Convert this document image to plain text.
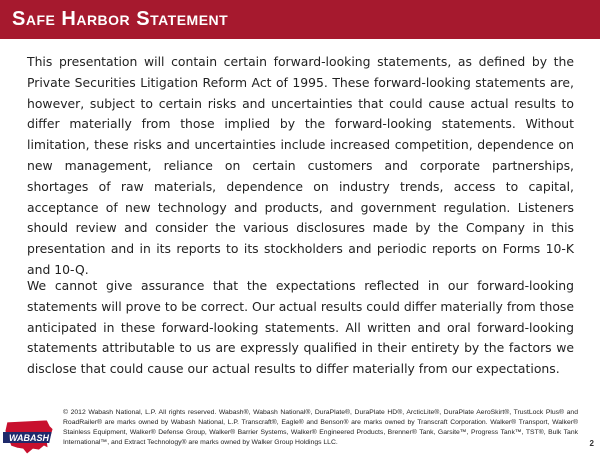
Safe Harbor Statement

This presentation will contain certain forward-looking statements, as defined by the Private Securities Litigation Reform Act of 1995. These forward-looking statements are, however, subject to certain risks and uncertainties that could cause actual results to differ materially from those implied by the forward-looking statements. Without limitation, these risks and uncertainties include increased competition, dependence on new management, reliance on certain customers and corporate partnerships, shortages of raw materials, dependence on industry trends, access to capital, acceptance of new technology and products, and government regulation. Listeners should review and consider the various disclosures made by the Company in this presentation and in its reports to its stockholders and periodic reports on Forms 10-K and 10-Q.

We cannot give assurance that the expectations reflected in our forward-looking statements will prove to be correct. Our actual results could differ materially from those anticipated in these forward-looking statements. All written and oral forward-looking statements attributable to us are expressly qualified in their entirety by the factors we disclose that could cause our actual results to differ materially from our expectations.

WABASH

© 2012 Wabash National, L.P. All rights reserved. Wabash®, Wabash National®, DuraPlate®, DuraPlate HD®, ArcticLite®, DuraPlate AeroSkirt®, TrustLock Plus® and RoadRailer® are marks owned by Wabash National, L.P. Transcraft®, Eagle® and Benson® are marks owned by Transcraft Corporation. Walker® Transport, Walker® Stainless Equipment, Walker® Defense Group, Walker® Barrier Systems, Walker® Engineered Products, Brenner® Tank, Garsite™, Progress Tank™, TST®, Bulk Tank International™, and Extract Technology® are marks owned by Walker Group Holdings LLC.	2
